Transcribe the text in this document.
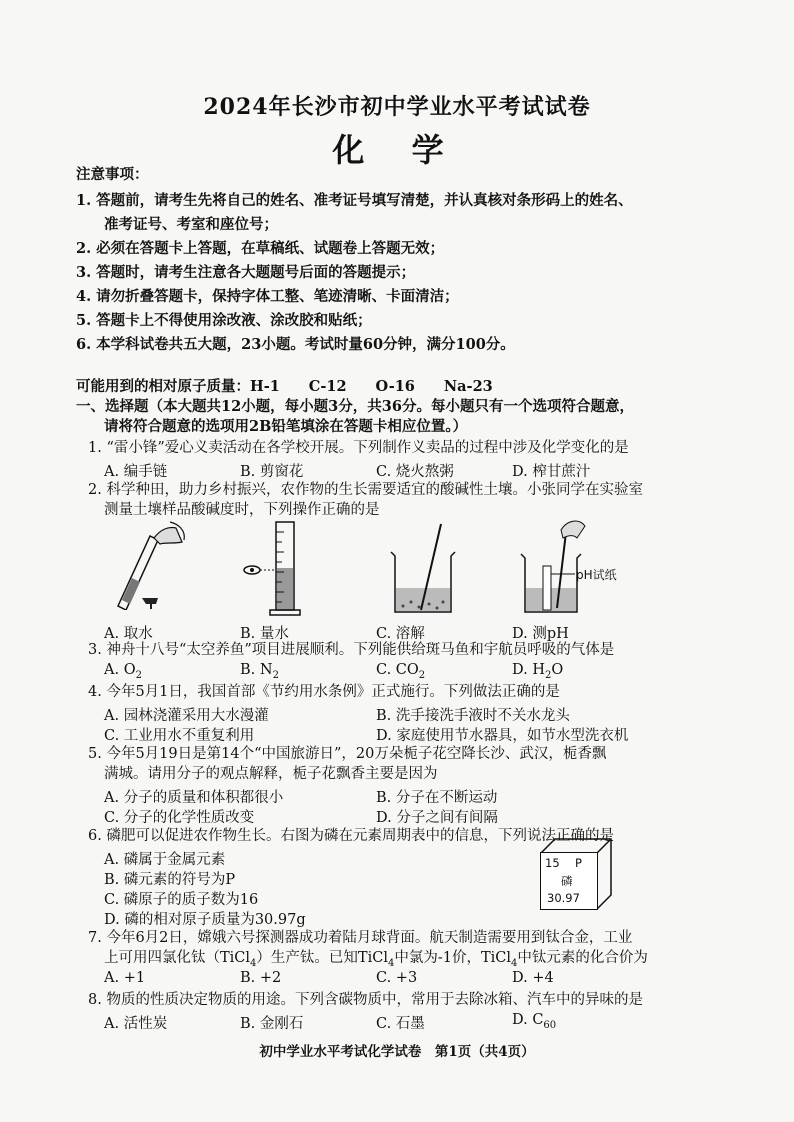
2024年长沙市初中学业水平考试试卷
化 学
注意事项：
1. 答题前，请考生先将自己的姓名、准考证号填写清楚，并认真核对条形码上的姓名、
准考证号、考室和座位号；
2. 必须在答题卡上答题，在草稿纸、试题卷上答题无效；
3. 答题时，请考生注意各大题题号后面的答题提示；
4. 请勿折叠答题卡，保持字体工整、笔迹清晰、卡面清洁；
5. 答题卡上不得使用涂改液、涂改胶和贴纸；
6. 本学科试卷共五大题，23小题。考试时量60分钟，满分100分。
可能用到的相对原子质量：H-1　　C-12　　O-16　　Na-23
一、选择题（本大题共12小题，每小题3分，共36分。每小题只有一个选项符合题意，
请将符合题意的选项用2B铅笔填涂在答题卡相应位置。）
1. “雷小锋”爱心义卖活动在各学校开展。下列制作义卖品的过程中涉及化学变化的是
A. 编手链	B. 剪窗花	C. 烧火熬粥	D. 榨甘蔗汁
2. 科学种田，助力乡村振兴，农作物的生长需要适宜的酸碱性土壤。小张同学在实验室
测量土壤样品酸碱度时，下列操作正确的是
pH试纸
A. 取水	B. 量水	C. 溶解	D. 测pH
3. 神舟十八号“太空养鱼”项目进展顺利。下列能供给斑马鱼和宇航员呼吸的气体是
A. $O_2$	B. $N_2$	C. $CO_2$	D. $H_2O$
4. 今年5月1日，我国首部《节约用水条例》正式施行。下列做法正确的是
A. 园林浇灌采用大水漫灌	B. 洗手接洗手液时不关水龙头
C. 工业用水不重复利用	D. 家庭使用节水器具，如节水型洗衣机
5. 今年5月19日是第14个“中国旅游日”，20万朵栀子花空降长沙、武汉，栀香飘
满城。请用分子的观点解释，栀子花飘香主要是因为
A. 分子的质量和体积都很小	B. 分子在不断运动
C. 分子的化学性质改变	D. 分子之间有间隔
6. 磷肥可以促进农作物生长。右图为磷在元素周期表中的信息，下列说法正确的是
A. 磷属于金属元素
B. 磷元素的符号为P
C. 磷原子的质子数为16
D. 磷的相对原子质量为30.97g
15 P
磷
30.97
7. 今年6月2日，嫦娥六号探测器成功着陆月球背面。航天制造需要用到钛合金，工业
上可用四氯化钛（TiCl$_4$）生产钛。已知TiCl$_4$中氯为-1价，TiCl$_4$中钛元素的化合价为
A. +1	B. +2	C. +3	D. +4
8. 物质的性质决定物质的用途。下列含碳物质中，常用于去除冰箱、汽车中的异味的是
A. 活性炭	B. 金刚石	C. 石墨	D. $C_{60}$
初中学业水平考试化学试卷　第1页（共4页）
